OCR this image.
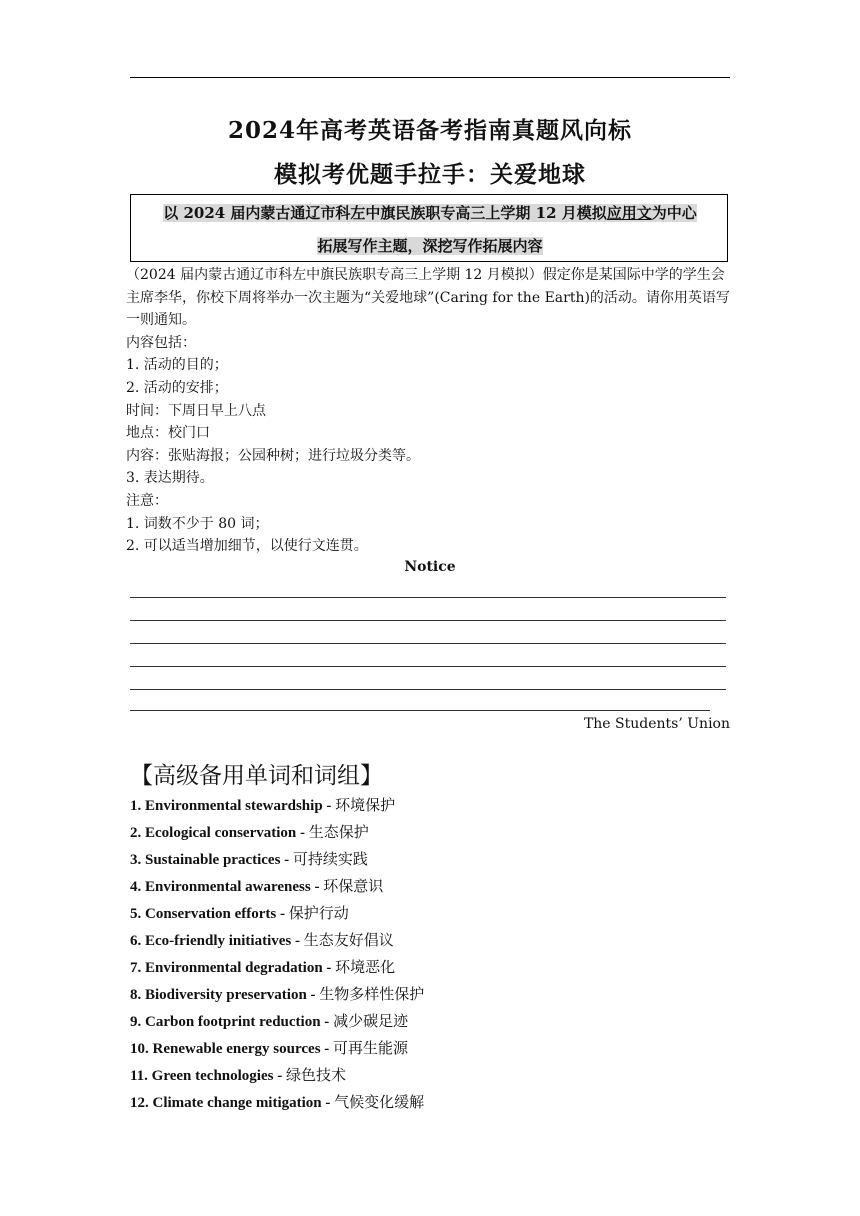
2024年高考英语备考指南真题风向标
模拟考优题手拉手：关爱地球
以 2024 届内蒙古通辽市科左中旗民族职专高三上学期 12 月模拟应用文为中心
拓展写作主题，深挖写作拓展内容

（2024 届内蒙古通辽市科左中旗民族职专高三上学期 12 月模拟）假定你是某国际中学的学生会主席李华，你校下周将举办一次主题为“关爱地球”(Caring for the Earth)的活动。请你用英语写一则通知。

内容包括：

1. 活动的目的；

2. 活动的安排；

时间：下周日早上八点

地点：校门口

内容：张贴海报；公园种树；进行垃圾分类等。

3. 表达期待。

注意：

1. 词数不少于 80 词；

2. 可以适当增加细节，以使行文连贯。

Notice
The Students’ Union
【高级备用单词和词组】
1. Environmental stewardship - 环境保护
2. Ecological conservation - 生态保护
3. Sustainable practices - 可持续实践
4. Environmental awareness - 环保意识
5. Conservation efforts - 保护行动
6. Eco-friendly initiatives - 生态友好倡议
7. Environmental degradation - 环境恶化
8. Biodiversity preservation - 生物多样性保护
9. Carbon footprint reduction - 减少碳足迹
10. Renewable energy sources - 可再生能源
11. Green technologies - 绿色技术
12. Climate change mitigation - 气候变化缓解
